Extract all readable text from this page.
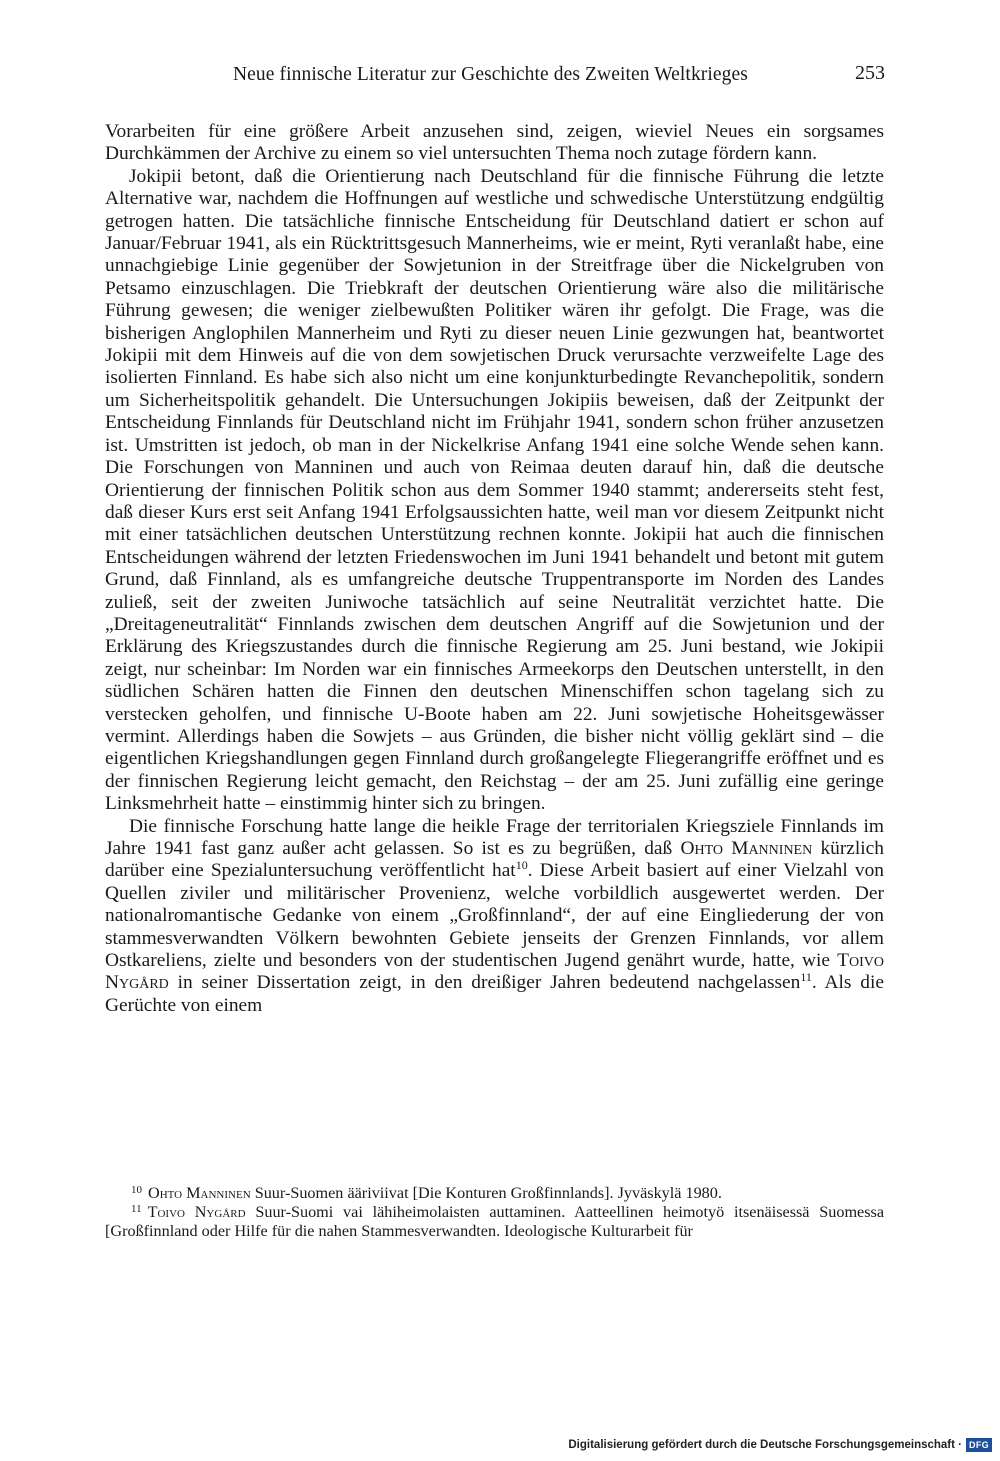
Neue finnische Literatur zur Geschichte des Zweiten Weltkrieges	253

Vorarbeiten für eine größere Arbeit anzusehen sind, zeigen, wieviel Neues ein sorgsames Durchkämmen der Archive zu einem so viel untersuchten Thema noch zutage fördern kann.

Jokipii betont, daß die Orientierung nach Deutschland für die finnische Führung die letzte Alternative war, nachdem die Hoffnungen auf westliche und schwedische Unterstützung endgültig getrogen hatten. Die tatsächliche finnische Entscheidung für Deutschland datiert er schon auf Januar/Februar 1941, als ein Rücktrittsgesuch Mannerheims, wie er meint, Ryti veranlaßt habe, eine unnachgiebige Linie gegenüber der Sowjetunion in der Streitfrage über die Nickelgruben von Petsamo einzuschlagen. Die Triebkraft der deutschen Orientierung wäre also die militärische Führung gewesen; die weniger zielbewußten Politiker wären ihr gefolgt. Die Frage, was die bisherigen Anglophilen Mannerheim und Ryti zu dieser neuen Linie gezwungen hat, beantwortet Jokipii mit dem Hinweis auf die von dem sowjetischen Druck verursachte verzweifelte Lage des isolierten Finnland. Es habe sich also nicht um eine konjunkturbedingte Revanchepolitik, sondern um Sicherheitspolitik gehandelt. Die Untersuchungen Jokipiis beweisen, daß der Zeitpunkt der Entscheidung Finnlands für Deutschland nicht im Frühjahr 1941, sondern schon früher anzusetzen ist. Umstritten ist jedoch, ob man in der Nickelkrise Anfang 1941 eine solche Wende sehen kann. Die Forschungen von Manninen und auch von Reimaa deuten darauf hin, daß die deutsche Orientierung der finnischen Politik schon aus dem Sommer 1940 stammt; andererseits steht fest, daß dieser Kurs erst seit Anfang 1941 Erfolgsaussichten hatte, weil man vor diesem Zeitpunkt nicht mit einer tatsächlichen deutschen Unterstützung rechnen konnte. Jokipii hat auch die finnischen Entscheidungen während der letzten Friedenswochen im Juni 1941 behandelt und betont mit gutem Grund, daß Finnland, als es umfangreiche deutsche Truppentransporte im Norden des Landes zuließ, seit der zweiten Juniwoche tatsächlich auf seine Neutralität verzichtet hatte. Die „Dreitageneutralität“ Finnlands zwischen dem deutschen Angriff auf die Sowjetunion und der Erklärung des Kriegszustandes durch die finnische Regierung am 25. Juni bestand, wie Jokipii zeigt, nur scheinbar: Im Norden war ein finnisches Armeekorps den Deutschen unterstellt, in den südlichen Schären hatten die Finnen den deutschen Minenschiffen schon tagelang sich zu verstecken geholfen, und finnische U-Boote haben am 22. Juni sowjetische Hoheitsgewässer vermint. Allerdings haben die Sowjets – aus Gründen, die bisher nicht völlig geklärt sind – die eigentlichen Kriegshandlungen gegen Finnland durch großangelegte Fliegerangriffe eröffnet und es der finnischen Regierung leicht gemacht, den Reichstag – der am 25. Juni zufällig eine geringe Linksmehrheit hatte – einstimmig hinter sich zu bringen.

Die finnische Forschung hatte lange die heikle Frage der territorialen Kriegsziele Finnlands im Jahre 1941 fast ganz außer acht gelassen. So ist es zu begrüßen, daß Ohto Manninen kürzlich darüber eine Spezialuntersuchung veröffentlicht hat$^{10}$. Diese Arbeit basiert auf einer Vielzahl von Quellen ziviler und militärischer Provenienz, welche vorbildlich ausgewertet werden. Der nationalromantische Gedanke von einem „Großfinnland“, der auf eine Eingliederung der von stammesverwandten Völkern bewohnten Gebiete jenseits der Grenzen Finnlands, vor allem Ostkareliens, zielte und besonders von der studentischen Jugend genährt wurde, hatte, wie Toivo Nygård in seiner Dissertation zeigt, in den dreißiger Jahren bedeutend nachgelassen$^{11}$. Als die Gerüchte von einem

$^{10}$ Ohto Manninen Suur-Suomen ääriviivat [Die Konturen Großfinnlands]. Jyväskylä 1980.

$^{11}$ Toivo Nygård Suur-Suomi vai lähiheimolaisten auttaminen. Aatteellinen heimotyö itsenäisessä Suomessa [Großfinnland oder Hilfe für die nahen Stammesverwandten. Ideologische Kulturarbeit für

Digitalisierung gefördert durch die Deutsche Forschungsgemeinschaft · DFG
